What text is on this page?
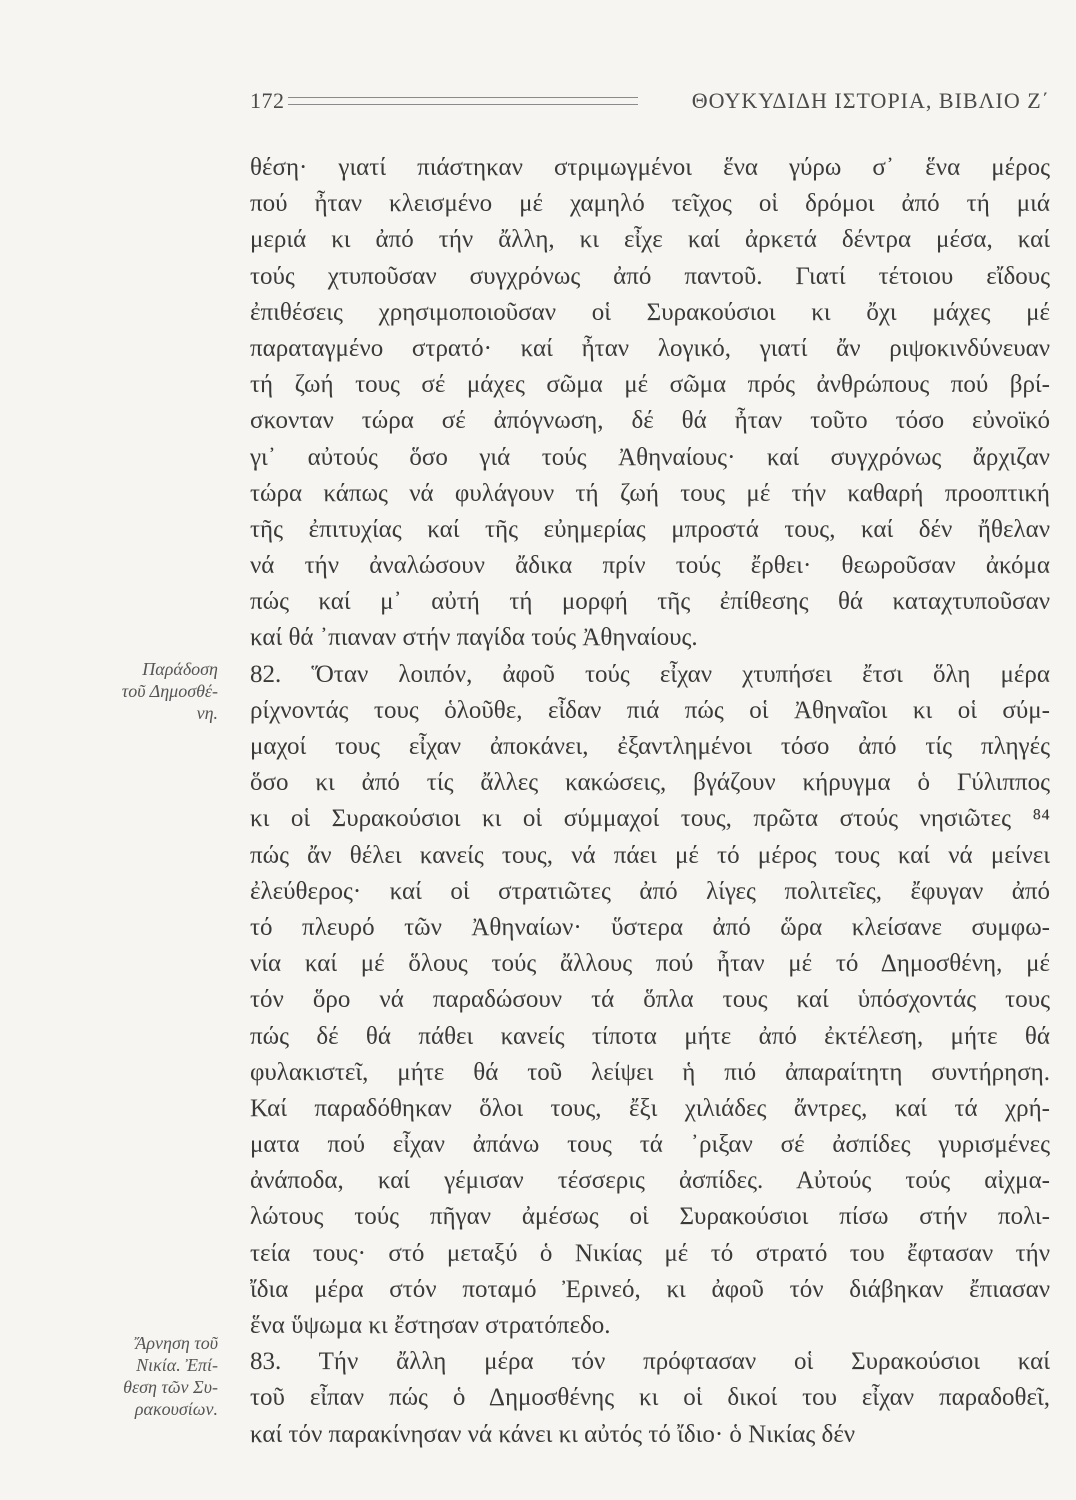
172	ΘΟΥΚΥΔΙΔΗ ΙΣΤΟΡΙΑ, ΒΙΒΛΙΟ Ζ΄
Παράδοση
τοῦ Δημοσθέ-
νη.
Ἄρνηση τοῦ
Νικία. Ἐπί-
θεση τῶν Συ-
ρακουσίων.
θέση· γιατί πιάστηκαν στριμωγμένοι ἕνα γύρω σ᾽ ἕνα μέρος
πού ἦταν κλεισμένο μέ χαμηλό τεῖχος οἱ δρόμοι ἀπό τή μιά
μεριά κι ἀπό τήν ἄλλη, κι εἶχε καί ἀρκετά δέντρα μέσα, καί
τούς χτυποῦσαν συγχρόνως ἀπό παντοῦ. Γιατί τέτοιου εἴδους
ἐπιθέσεις χρησιμοποιοῦσαν οἱ Συρακούσιοι κι ὄχι μάχες μέ
παραταγμένο στρατό· καί ἦταν λογικό, γιατί ἄν ριψοκινδύνευαν
τή ζωή τους σέ μάχες σῶμα μέ σῶμα πρός ἀνθρώπους πού βρί-
σκονταν τώρα σέ ἀπόγνωση, δέ θά ἦταν τοῦτο τόσο εὐνοϊκό
γι᾽ αὐτούς ὅσο γιά τούς Ἀθηναίους· καί συγχρόνως ἄρχιζαν
τώρα κάπως νά φυλάγουν τή ζωή τους μέ τήν καθαρή προοπτική
τῆς ἐπιτυχίας καί τῆς εὐημερίας μπροστά τους, καί δέν ἤθελαν
νά τήν ἀναλώσουν ἄδικα πρίν τούς ἔρθει· θεωροῦσαν ἀκόμα
πώς καί μ᾽ αὐτή τή μορφή τῆς ἐπίθεσης θά καταχτυποῦσαν
καί θά ᾽πιαναν στήν παγίδα τούς Ἀθηναίους.
82. Ὅταν λοιπόν, ἀφοῦ τούς εἶχαν χτυπήσει ἔτσι ὅλη μέρα
ρίχνοντάς τους ὁλοῦθε, εἶδαν πιά πώς οἱ Ἀθηναῖοι κι οἱ σύμ-
μαχοί τους εἶχαν ἀποκάνει, ἐξαντλημένοι τόσο ἀπό τίς πληγές
ὅσο κι ἀπό τίς ἄλλες κακώσεις, βγάζουν κήρυγμα ὁ Γύλιππος
κι οἱ Συρακούσιοι κι οἱ σύμμαχοί τους, πρῶτα στούς νησιῶτες ⁸⁴
πώς ἄν θέλει κανείς τους, νά πάει μέ τό μέρος τους καί νά μείνει
ἐλεύθερος· καί οἱ στρατιῶτες ἀπό λίγες πολιτεῖες, ἔφυγαν ἀπό
τό πλευρό τῶν Ἀθηναίων· ὕστερα ἀπό ὥρα κλείσανε συμφω-
νία καί μέ ὅλους τούς ἄλλους πού ἦταν μέ τό Δημοσθένη, μέ
τόν ὅρο νά παραδώσουν τά ὅπλα τους καί ὑπόσχοντάς τους
πώς δέ θά πάθει κανείς τίποτα μήτε ἀπό ἐκτέλεση, μήτε θά
φυλακιστεῖ, μήτε θά τοῦ λείψει ἡ πιό ἀπαραίτητη συντήρηση.
Καί παραδόθηκαν ὅλοι τους, ἔξι χιλιάδες ἄντρες, καί τά χρή-
ματα πού εἶχαν ἀπάνω τους τά ᾽ριξαν σέ ἀσπίδες γυρισμένες
ἀνάποδα, καί γέμισαν τέσσερις ἀσπίδες. Αὐτούς τούς αἰχμα-
λώτους τούς πῆγαν ἀμέσως οἱ Συρακούσιοι πίσω στήν πολι-
τεία τους· στό μεταξύ ὁ Νικίας μέ τό στρατό του ἔφτασαν τήν
ἴδια μέρα στόν ποταμό Ἐρινεό, κι ἀφοῦ τόν διάβηκαν ἔπιασαν
ἕνα ὕψωμα κι ἔστησαν στρατόπεδο.
83. Τήν ἄλλη μέρα τόν πρόφτασαν οἱ Συρακούσιοι καί
τοῦ εἶπαν πώς ὁ Δημοσθένης κι οἱ δικοί του εἶχαν παραδοθεῖ,
καί τόν παρακίνησαν νά κάνει κι αὐτός τό ἴδιο· ὁ Νικίας δέν
